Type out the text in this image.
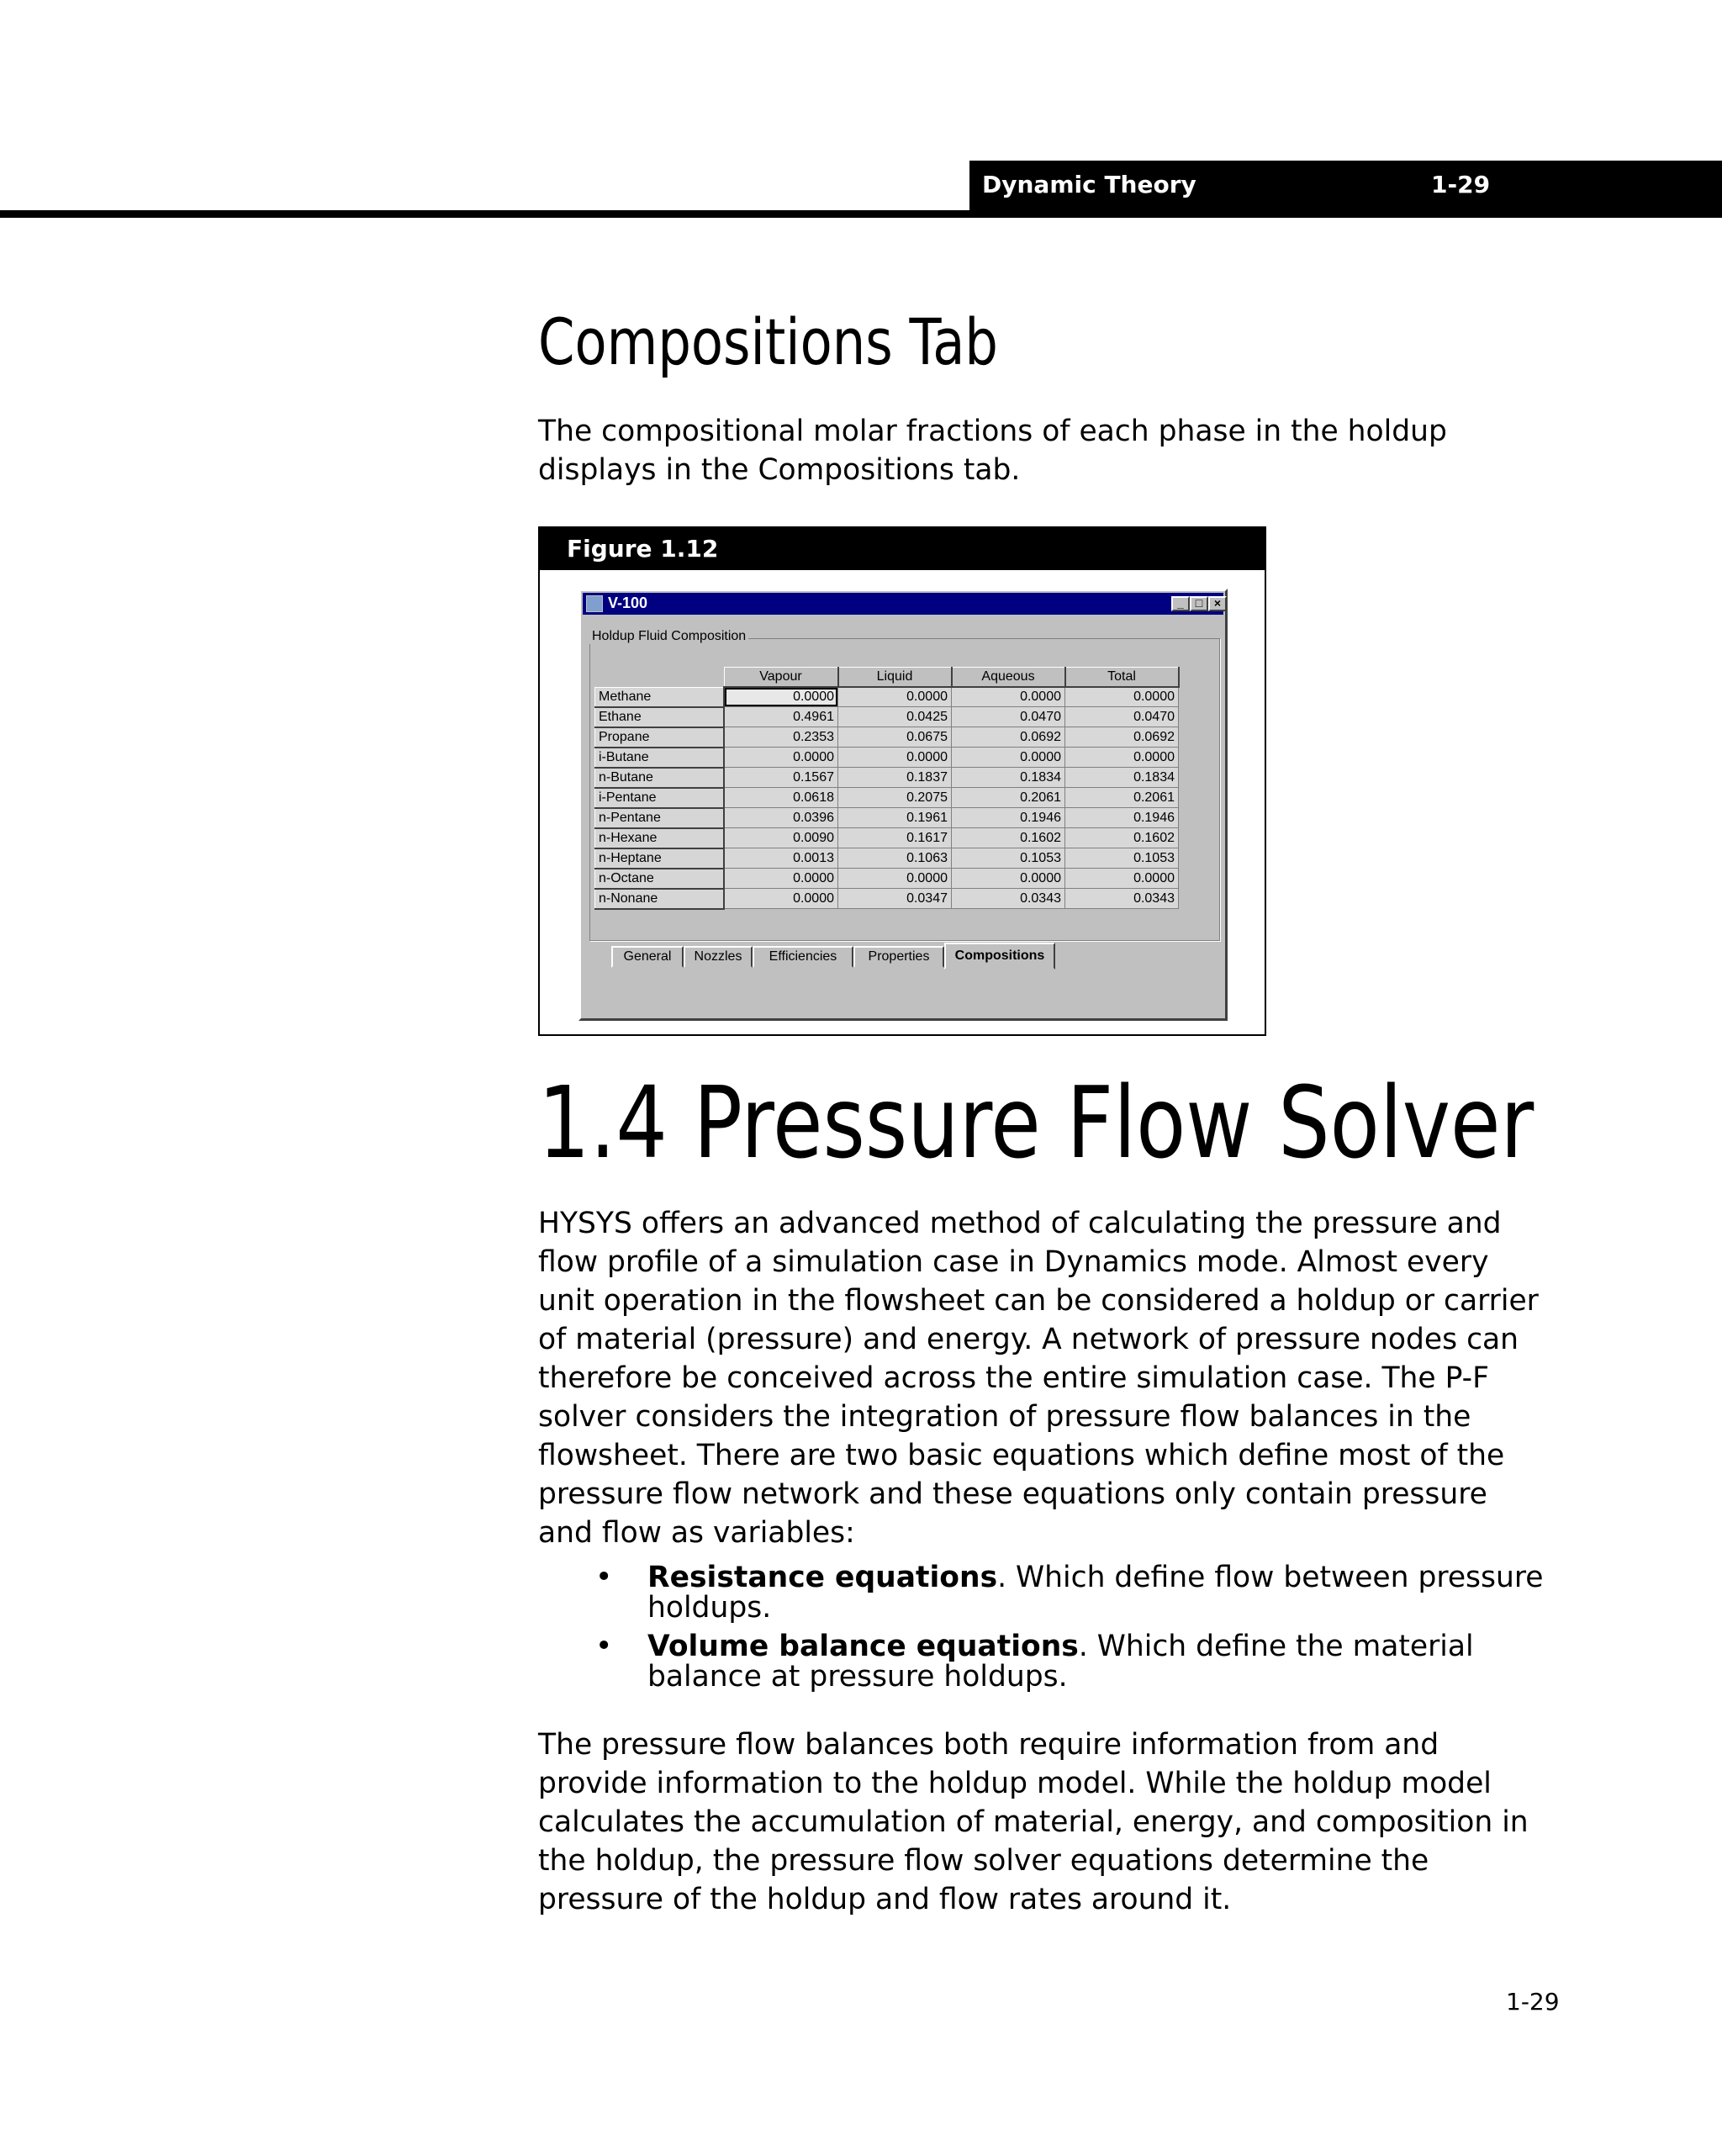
Dynamic Theory	1-29
Compositions Tab
The compositional molar fractions of each phase in the holdup displays in the Compositions tab.
Figure 1.12
V-100	_ □ ×
Holdup Fluid Composition
	Vapour	Liquid	Aqueous	Total
Methane	0.0000	0.0000	0.0000	0.0000
Ethane	0.4961	0.0425	0.0470	0.0470
Propane	0.2353	0.0675	0.0692	0.0692
i-Butane	0.0000	0.0000	0.0000	0.0000
n-Butane	0.1567	0.1837	0.1834	0.1834
i-Pentane	0.0618	0.2075	0.2061	0.2061
n-Pentane	0.0396	0.1961	0.1946	0.1946
n-Hexane	0.0090	0.1617	0.1602	0.1602
n-Heptane	0.0013	0.1063	0.1053	0.1053
n-Octane	0.0000	0.0000	0.0000	0.0000
n-Nonane	0.0000	0.0347	0.0343	0.0343
General	Nozzles	Efficiencies	Properties	Compositions
1.4 Pressure Flow Solver
HYSYS offers an advanced method of calculating the pressure and flow profile of a simulation case in Dynamics mode. Almost every unit operation in the flowsheet can be considered a holdup or carrier of material (pressure) and energy. A network of pressure nodes can therefore be conceived across the entire simulation case. The P-F solver considers the integration of pressure flow balances in the flowsheet. There are two basic equations which define most of the pressure flow network and these equations only contain pressure and flow as variables:
• Resistance equations. Which define flow between pressure holdups.
• Volume balance equations. Which define the material balance at pressure holdups.
The pressure flow balances both require information from and provide information to the holdup model. While the holdup model calculates the accumulation of material, energy, and composition in the holdup, the pressure flow solver equations determine the pressure of the holdup and flow rates around it.
1-29
